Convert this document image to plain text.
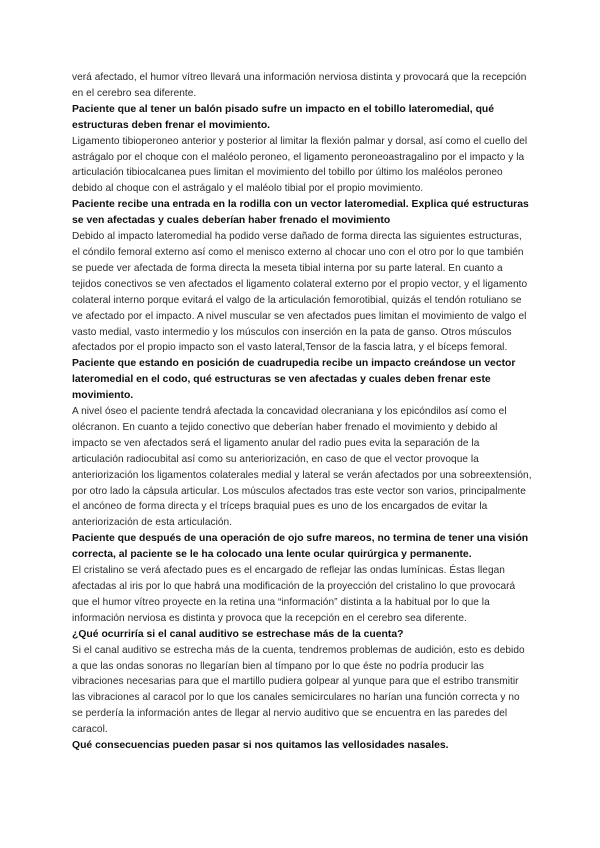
verá afectado, el humor vítreo llevará una información nerviosa distinta y provocará que la recepción en el cerebro sea diferente.

Paciente que al tener un balón pisado sufre un impacto en el tobillo lateromedial, qué estructuras deben frenar el movimiento.

Ligamento tibioperoneo anterior y posterior al limitar la flexión palmar y dorsal, así como el cuello del astrágalo por el choque con el maléolo peroneo, el ligamento peroneoastragalino por el impacto y la articulación tibiocalcanea pues limitan el movimiento del tobillo por último los maléolos peroneo debido al choque con el astrágalo y el maléolo tibial por el propio movimiento.

Paciente recibe una entrada en la rodilla con un vector lateromedial. Explica qué estructuras se ven afectadas y cuales deberían haber frenado el movimiento

Debido al impacto lateromedial ha podido verse dañado de forma directa las siguientes estructuras, el cóndilo femoral externo así como el menisco externo al chocar uno con el otro por lo que también se puede ver afectada de forma directa la meseta tibial interna por su parte lateral. En cuanto a tejidos conectivos se ven afectados el ligamento colateral externo por el propio vector, y el ligamento colateral interno porque evitará el valgo de la articulación femorotibial, quizás el tendón rotuliano se ve afectado por el impacto. A nivel muscular se ven afectados pues limitan el movimiento de valgo el vasto medial, vasto intermedio y los músculos con inserción en la pata de ganso. Otros músculos afectados por el propio impacto son el vasto lateral,Tensor de la fascia latra, y el bíceps femoral.

Paciente que estando en posición de cuadrupedia recibe un impacto creándose un vector lateromedial en el codo, qué estructuras se ven afectadas y cuales deben frenar este movimiento.

A nivel óseo el paciente tendrá afectada la concavidad olecraniana y los epicóndilos así como el olécranon. En cuanto a tejido conectivo que deberían haber frenado el movimiento y debido al impacto se ven afectados será el ligamento anular del radio pues evita la separación de la articulación radiocubital así como su anteriorización, en caso de que el vector provoque la anteriorización los ligamentos colaterales medial y lateral se verán afectados por una sobreextensión, por otro lado la cápsula articular. Los músculos afectados tras este vector son varios, principalmente el ancóneo de forma directa y el tríceps braquial pues es uno de los encargados de evitar la anteriorización de esta articulación.

Paciente que después de una operación de ojo sufre mareos, no termina de tener una visión correcta, al paciente se le ha colocado una lente ocular quirúrgica y permanente.

El cristalino se verá afectado pues es el encargado de reflejar las ondas lumínicas. Éstas llegan afectadas al iris por lo que habrá una modificación de la proyección del cristalino lo que provocará que el humor vítreo proyecte en la retina una “información” distinta a la habitual por lo que la información nerviosa es distinta y provoca que la recepción en el cerebro sea diferente.

¿Qué ocurriría si el canal auditivo se estrechase más de la cuenta?

Si el canal auditivo se estrecha más de la cuenta, tendremos problemas de audición, esto es debido a que las ondas sonoras no llegarían bien al tímpano por lo que éste no podría producir las vibraciones necesarias para que el martillo pudiera golpear al yunque para que el estribo transmitir las vibraciones al caracol por lo que los canales semicirculares no harían una función correcta y no se perdería la información antes de llegar al nervio auditivo que se encuentra en las paredes del caracol.

Qué consecuencias pueden pasar si nos quitamos las vellosidades nasales.
